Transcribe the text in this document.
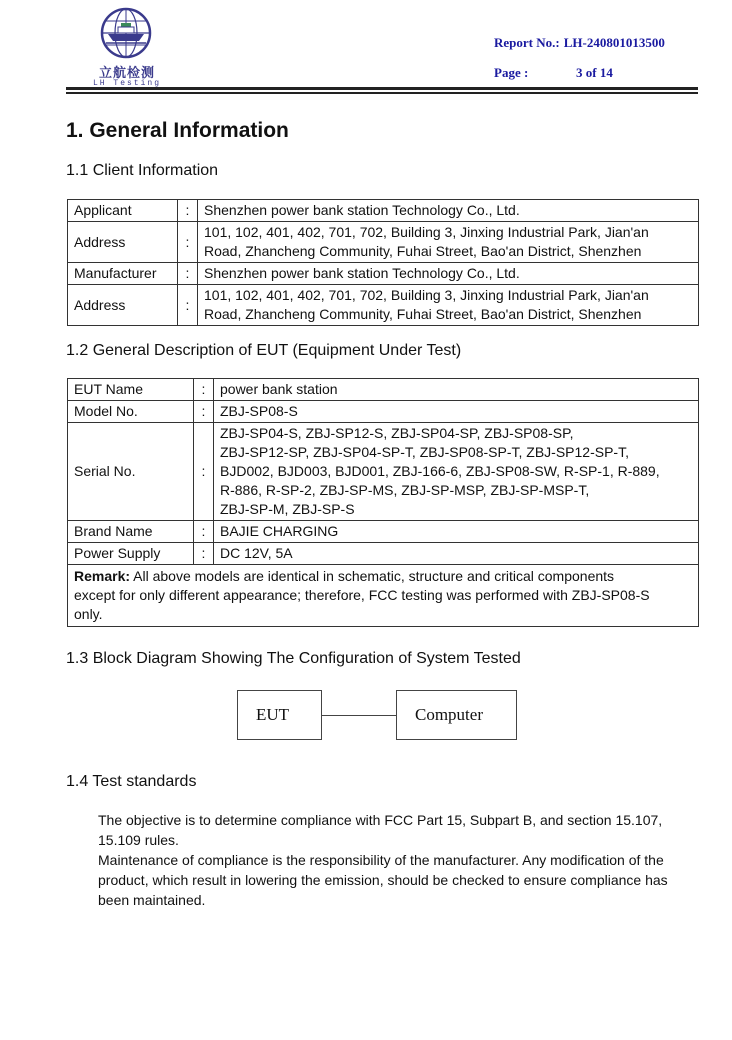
立航检测
LH Testing
Report No.: LH-240801013500
Page :	3 of 14
1. General Information
1.1 Client Information
Applicant	:	Shenzhen power bank station Technology Co., Ltd.
Address	:	101, 102, 401, 402, 701, 702, Building 3, Jinxing Industrial Park, Jian'an
Road, Zhancheng Community, Fuhai Street, Bao'an District, Shenzhen

Manufacturer	:	Shenzhen power bank station Technology Co., Ltd.
Address	:	101, 102, 401, 402, 701, 702, Building 3, Jinxing Industrial Park, Jian'an
Road, Zhancheng Community, Fuhai Street, Bao'an District, Shenzhen
1.2 General Description of EUT (Equipment Under Test)
EUT Name	:	power bank station
Model No.	:	ZBJ-SP08-S
Serial No.	:	ZBJ-SP04-S, ZBJ-SP12-S, ZBJ-SP04-SP, ZBJ-SP08-SP,
ZBJ-SP12-SP, ZBJ-SP04-SP-T, ZBJ-SP08-SP-T, ZBJ-SP12-SP-T,
BJD002, BJD003, BJD001, ZBJ-166-6, ZBJ-SP08-SW, R-SP-1, R-889,
R-886, R-SP-2, ZBJ-SP-MS, ZBJ-SP-MSP, ZBJ-SP-MSP-T,
ZBJ-SP-M, ZBJ-SP-S

Brand Name	:	BAJIE CHARGING
Power Supply	:	DC 12V, 5A

Remark: All above models are identical in schematic, structure and critical components
except for only different appearance; therefore, FCC testing was performed with ZBJ-SP08-S
only.		
1.3 Block Diagram Showing The Configuration of System Tested
EUT	Computer
1.4 Test standards
The objective is to determine compliance with FCC Part 15, Subpart B, and section 15.107,
15.109 rules.
Maintenance of compliance is the responsibility of the manufacturer. Any modification of the
product, which result in lowering the emission, should be checked to ensure compliance has
been maintained.
